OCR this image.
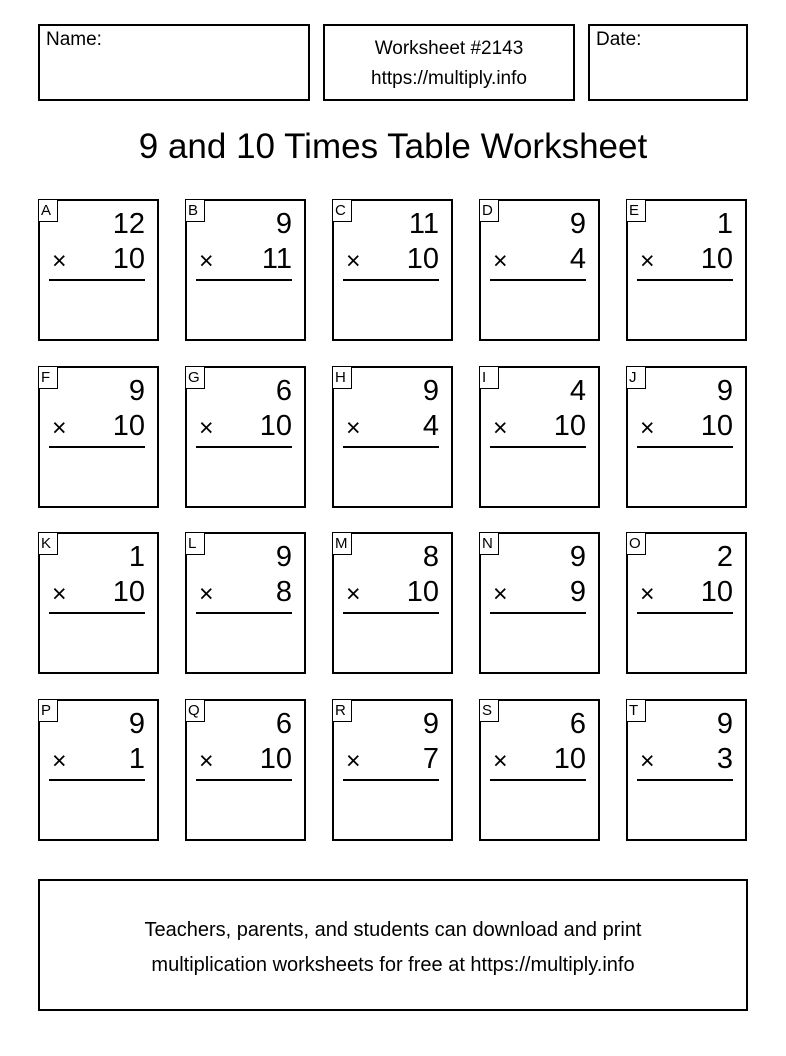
Name:	Worksheet #2143
https://multiply.info
Date:
9 and 10 Times Table Worksheet
A 12
× 10
B	9
× 11
C 11
× 10
D	9
× 4
E	1
× 10
F	9
× 10
G	6
× 10
H	9
× 4
I	4
× 10
J	9
× 10
K	1
× 10
L	9
× 8
M	8
× 10
N	9
× 9
O	2
× 10
P	9
× 1
Q	6
× 10
R	9
× 7
S	6
× 10
T	9
× 3
Teachers, parents, and students can download and print
multiplication worksheets for free at https://multiply.info
